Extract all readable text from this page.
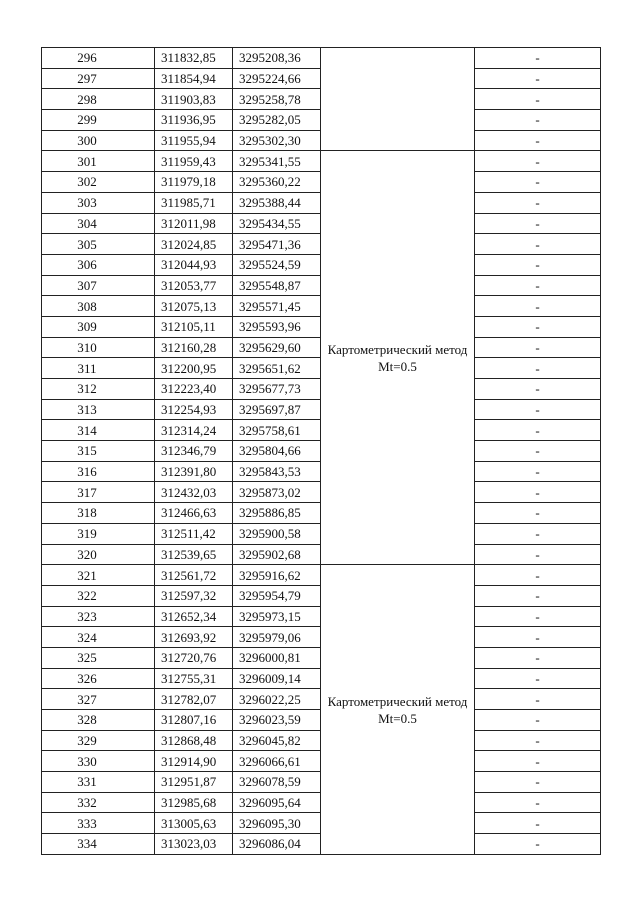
296	311832,85	3295208,36		-
297	311854,94	3295224,66		-
298	311903,83	3295258,78		-
299	311936,95	3295282,05		-
300	311955,94	3295302,30		-
301	311959,43	3295341,55	Картометрический метод Mt=0.5	-
302	311979,18	3295360,22		-
303	311985,71	3295388,44		-
304	312011,98	3295434,55		-
305	312024,85	3295471,36		-
306	312044,93	3295524,59		-
307	312053,77	3295548,87		-
308	312075,13	3295571,45		-
309	312105,11	3295593,96		-
310	312160,28	3295629,60		-
311	312200,95	3295651,62		-
312	312223,40	3295677,73		-
313	312254,93	3295697,87		-
314	312314,24	3295758,61		-
315	312346,79	3295804,66		-
316	312391,80	3295843,53		-
317	312432,03	3295873,02		-
318	312466,63	3295886,85		-
319	312511,42	3295900,58		-
320	312539,65	3295902,68		-
321	312561,72	3295916,62	Картометрический метод Mt=0.5	-
322	312597,32	3295954,79		-
323	312652,34	3295973,15		-
324	312693,92	3295979,06		-
325	312720,76	3296000,81		-
326	312755,31	3296009,14		-
327	312782,07	3296022,25		-
328	312807,16	3296023,59		-
329	312868,48	3296045,82		-
330	312914,90	3296066,61		-
331	312951,87	3296078,59		-
332	312985,68	3296095,64		-
333	313005,63	3296095,30		-
334	313023,03	3296086,04		-
